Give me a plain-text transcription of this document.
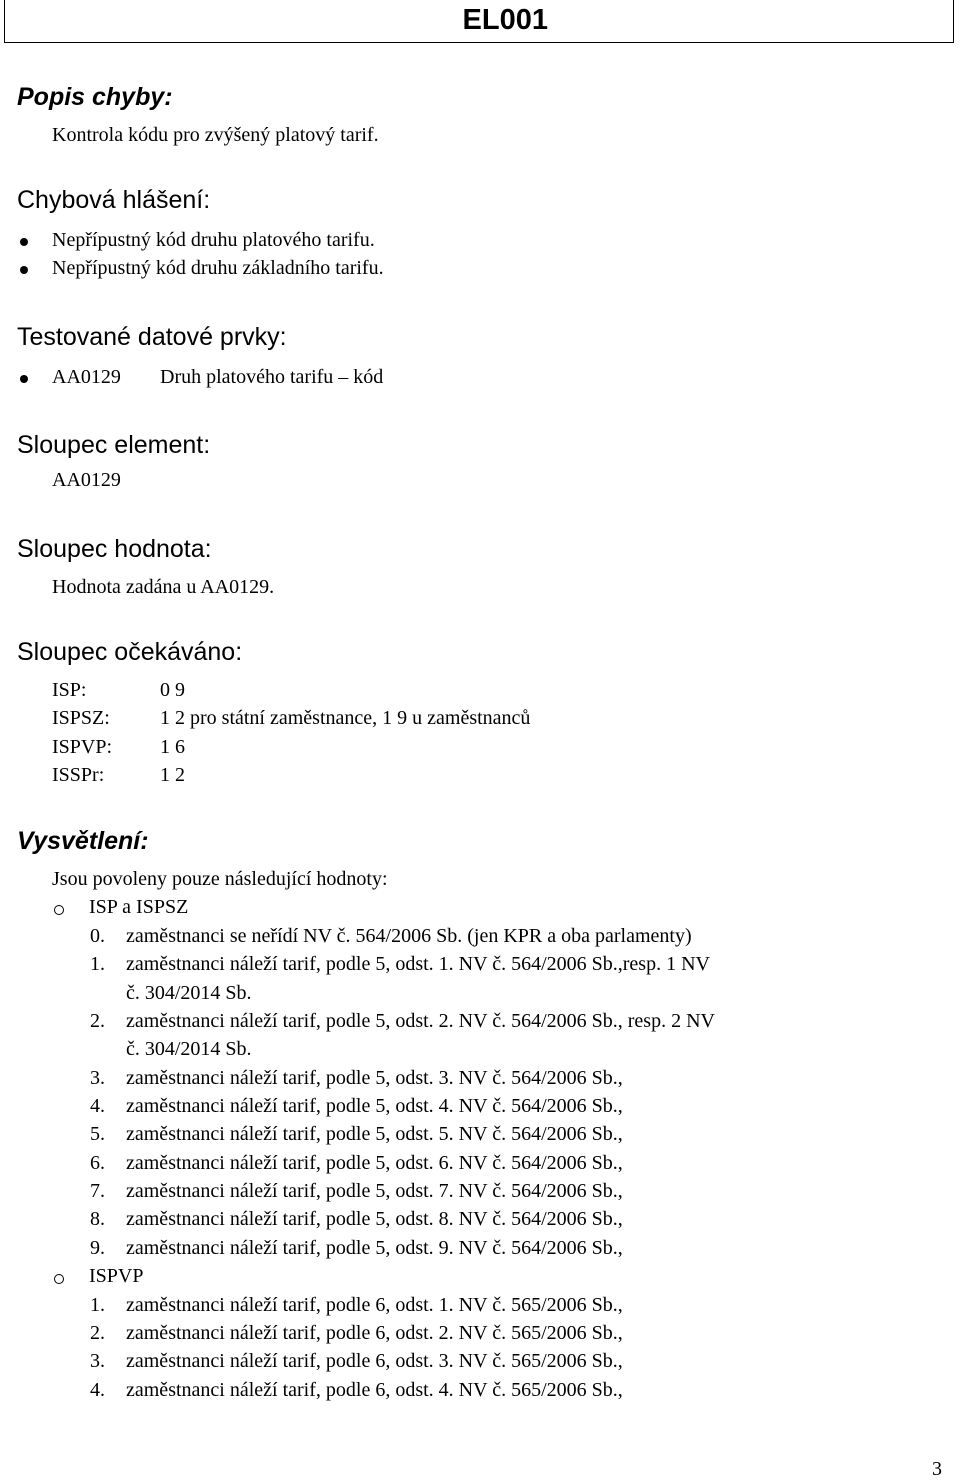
EL001
Popis chyby:
Kontrola kódu pro zvýšený platový tarif.
Chybová hlášení:
Nepřípustný kód druhu platového tarifu.
Nepřípustný kód druhu základního tarifu.
Testované datové prvky:
AA0129 Druh platového tarifu – kód
Sloupec element:
AA0129
Sloupec hodnota:
Hodnota zadána u AA0129.
Sloupec očekáváno:
ISP:	0 9
ISPSZ:	1 2 pro státní zaměstnance, 1 9 u zaměstnanců
ISPVP: 1 6
ISSPr:	1 2
Vysvětlení:
Jsou povoleny pouze následující hodnoty:
ISP a ISPSZ
0. zaměstnanci se neřídí NV č. 564/2006 Sb. (jen KPR a oba parlamenty)
1. zaměstnanci náleží tarif, podle 5, odst. 1. NV č. 564/2006 Sb.,resp. 1 NV
č. 304/2014 Sb.
2. zaměstnanci náleží tarif, podle 5, odst. 2. NV č. 564/2006 Sb., resp. 2 NV
č. 304/2014 Sb.
3. zaměstnanci náleží tarif, podle 5, odst. 3. NV č. 564/2006 Sb.,
4. zaměstnanci náleží tarif, podle 5, odst. 4. NV č. 564/2006 Sb.,
5. zaměstnanci náleží tarif, podle 5, odst. 5. NV č. 564/2006 Sb.,
6. zaměstnanci náleží tarif, podle 5, odst. 6. NV č. 564/2006 Sb.,
7. zaměstnanci náleží tarif, podle 5, odst. 7. NV č. 564/2006 Sb.,
8. zaměstnanci náleží tarif, podle 5, odst. 8. NV č. 564/2006 Sb.,
9. zaměstnanci náleží tarif, podle 5, odst. 9. NV č. 564/2006 Sb.,
ISPVP
1. zaměstnanci náleží tarif, podle 6, odst. 1. NV č. 565/2006 Sb.,
2. zaměstnanci náleží tarif, podle 6, odst. 2. NV č. 565/2006 Sb.,
3. zaměstnanci náleží tarif, podle 6, odst. 3. NV č. 565/2006 Sb.,
4. zaměstnanci náleží tarif, podle 6, odst. 4. NV č. 565/2006 Sb.,
3
